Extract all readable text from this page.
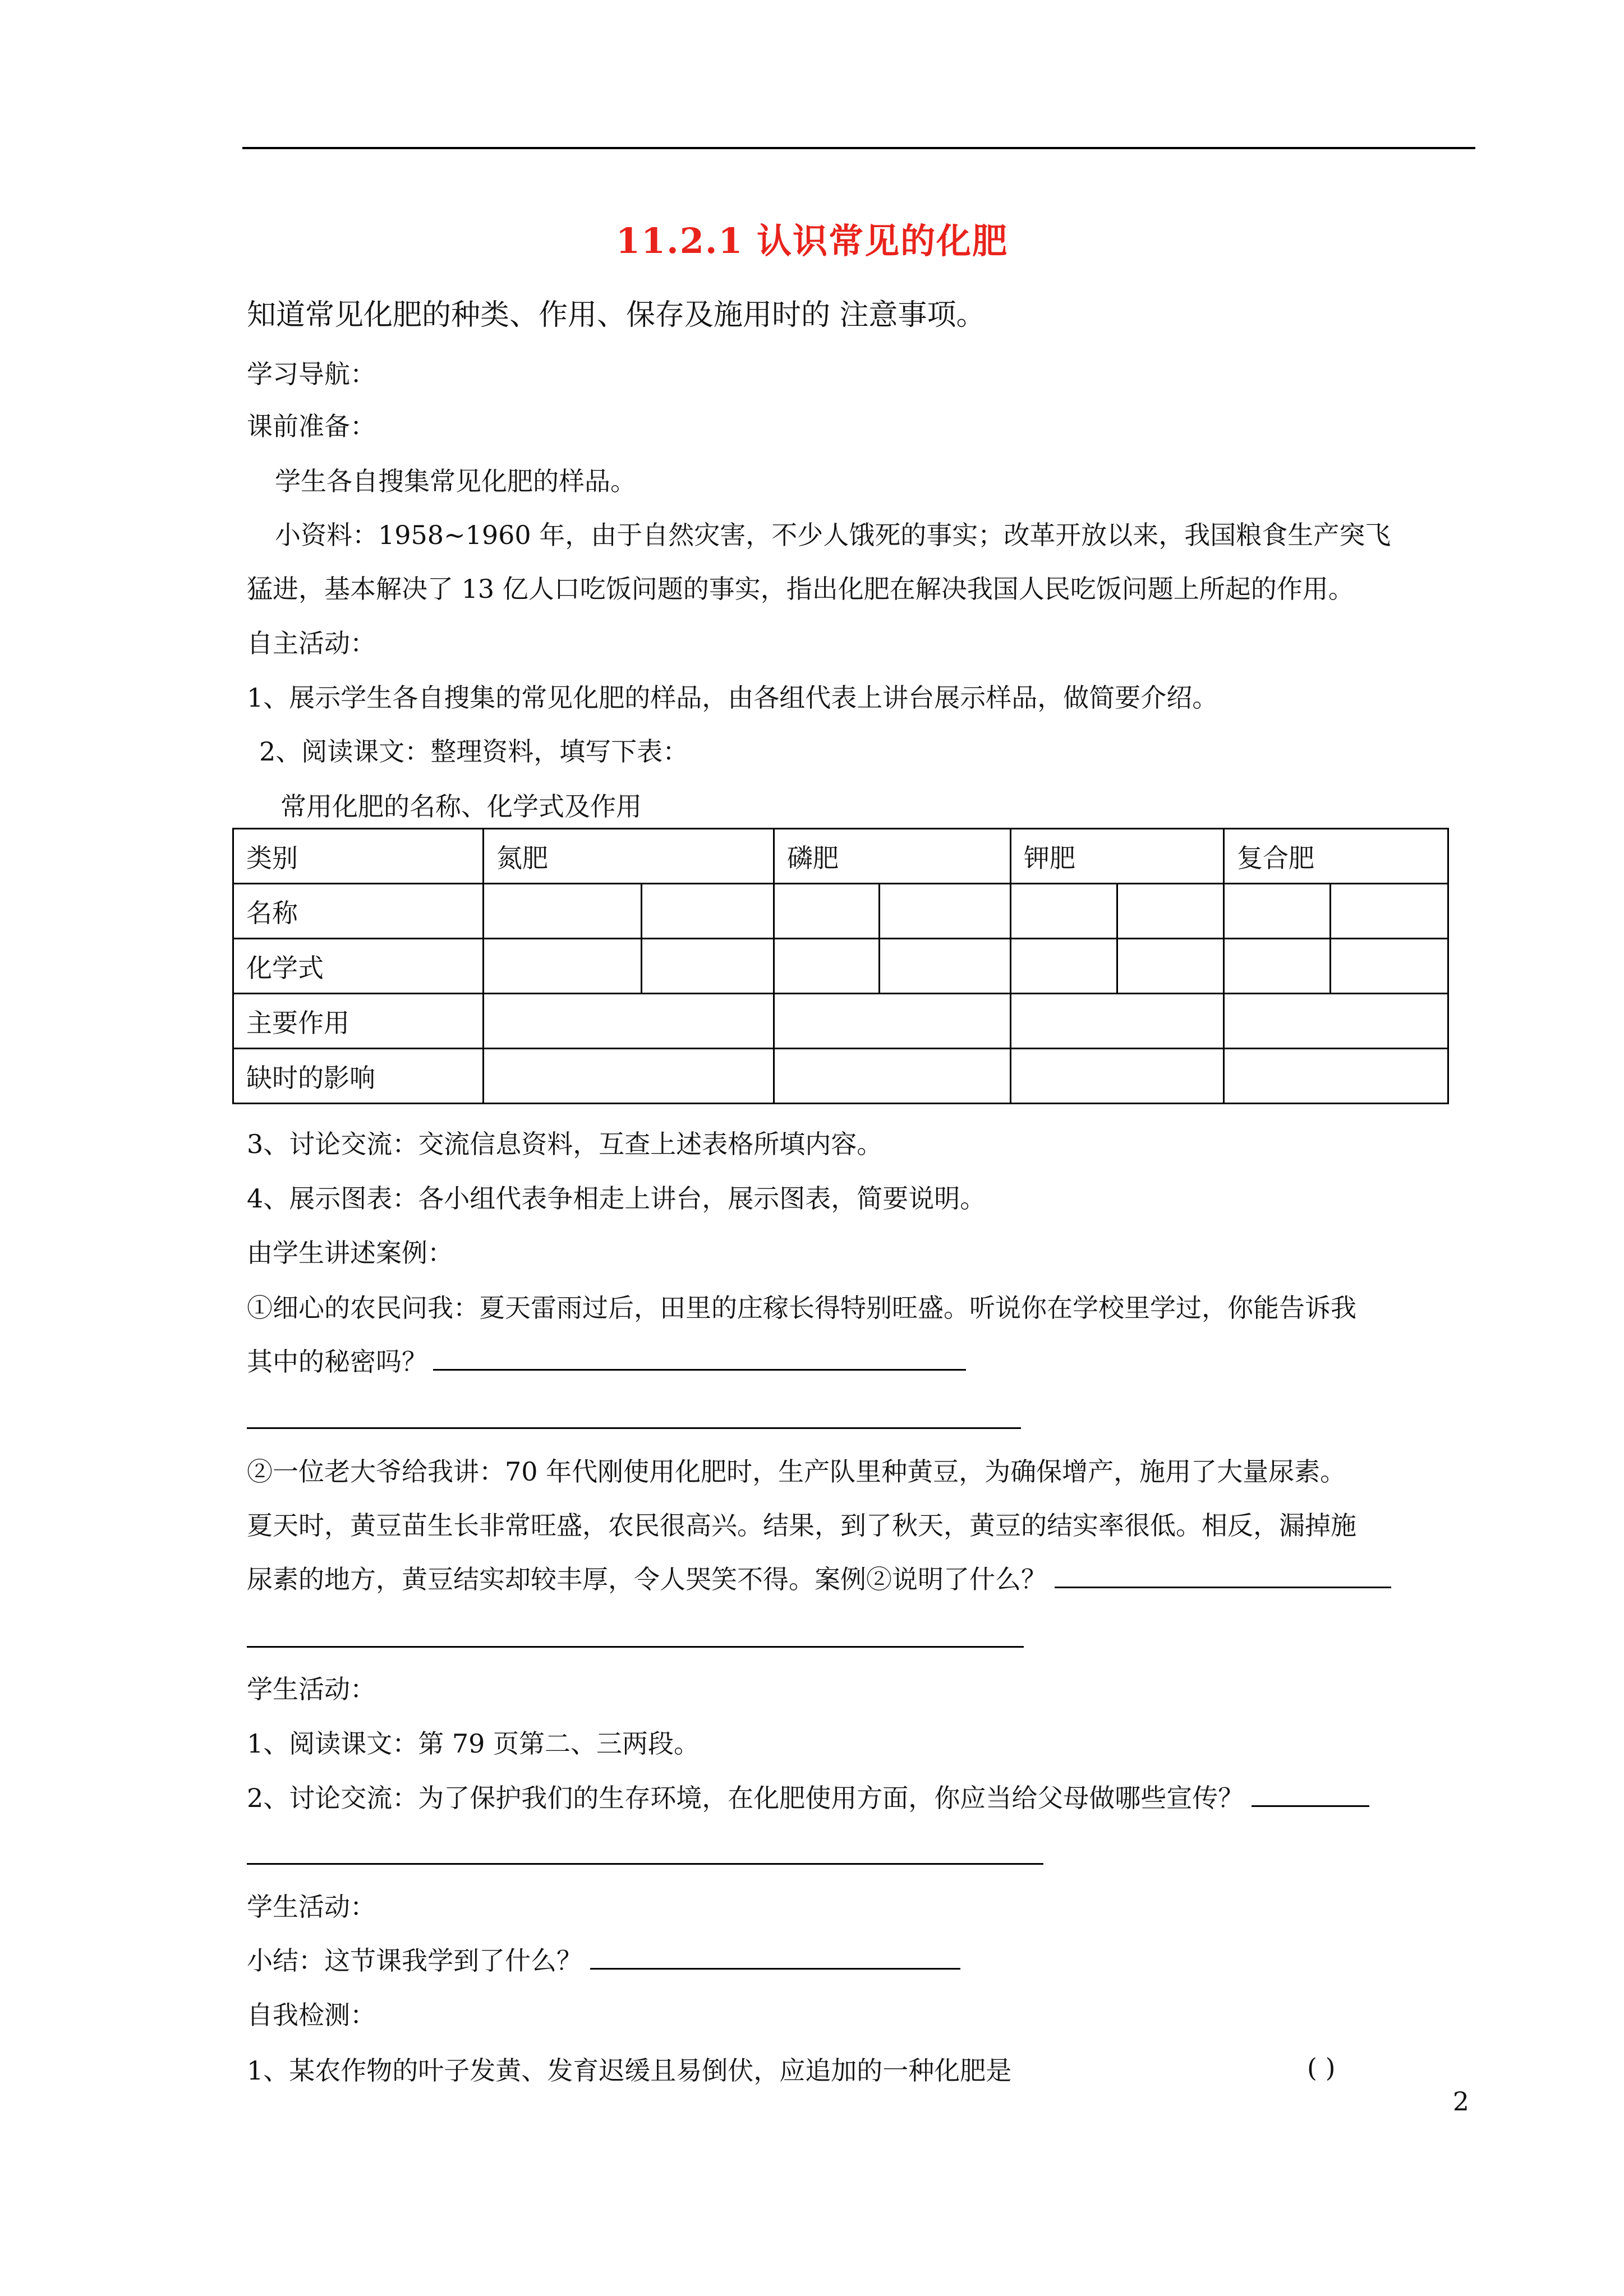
11.2.1 认识常见的化肥
知道常见化肥的种类、作用、保存及施用时的 注意事项。
学习导航：
课前准备：
学生各自搜集常见化肥的样品。
小资料：1958~1960 年，由于自然灾害，不少人饿死的事实；改革开放以来，我国粮食生产突飞
猛进，基本解决了 13 亿人口吃饭问题的事实，指出化肥在解决我国人民吃饭问题上所起的作用。
自主活动：
1、展示学生各自搜集的常见化肥的样品，由各组代表上讲台展示样品，做简要介绍。
2、阅读课文：整理资料，填写下表：
常用化肥的名称、化学式及作用
类别	氮肥		磷肥		钾肥		复合肥	
名称								
化学式								
主要作用								
缺时的影响								
3、讨论交流：交流信息资料，互查上述表格所填内容。
4、展示图表：各小组代表争相走上讲台，展示图表，简要说明。
由学生讲述案例：
①细心的农民问我：夏天雷雨过后，田里的庄稼长得特别旺盛。听说你在学校里学过，你能告诉我
其中的秘密吗？
②一位老大爷给我讲：70 年代刚使用化肥时，生产队里种黄豆，为确保增产，施用了大量尿素。
夏天时，黄豆苗生长非常旺盛，农民很高兴。结果，到了秋天，黄豆的结实率很低。相反，漏掉施
尿素的地方，黄豆结实却较丰厚，令人哭笑不得。案例②说明了什么？
学生活动：
1、阅读课文：第 79 页第二、三两段。
2、讨论交流：为了保护我们的生存环境，在化肥使用方面，你应当给父母做哪些宣传？
学生活动：
小结：这节课我学到了什么？
自我检测：
1、某农作物的叶子发黄、发育迟缓且易倒伏，应追加的一种化肥是	( )
2
